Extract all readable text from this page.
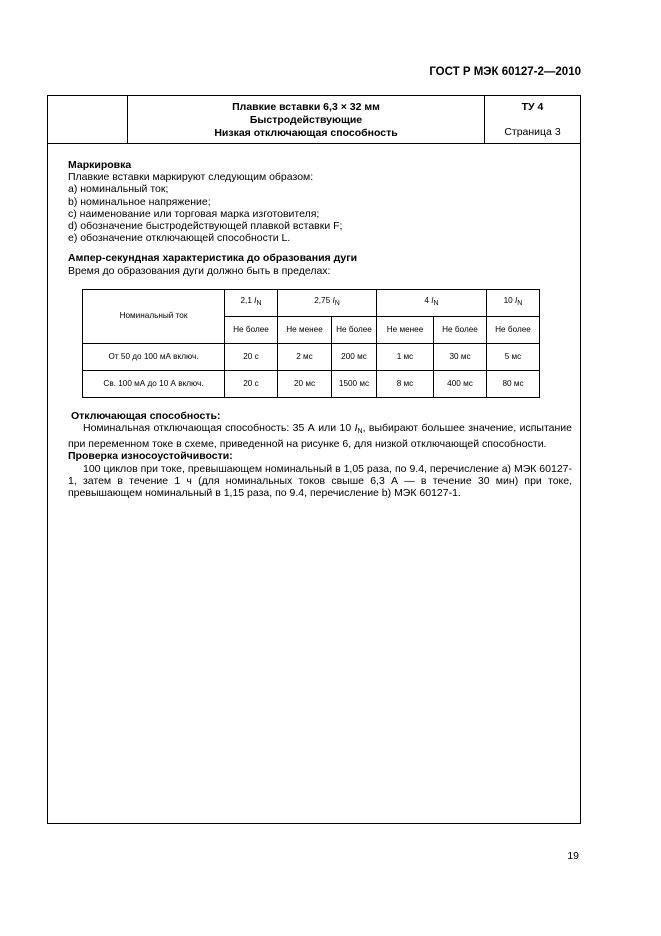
ГОСТ Р МЭК 60127-2—2010
Плавкие вставки 6,3 × 32 мм
Быстродействующие
Низкая отключающая способность
ТУ 4
Страница 3

Маркировка

Плавкие вставки маркируют следующим образом:

a) номинальный ток;

b) номинальное напряжение;

c) наименование или торговая марка изготовителя;

d) обозначение быстродействующей плавкой вставки F;

e) обозначение отключающей способности L.

Ампер-секундная характеристика до образования дуги

Время до образования дуги должно быть в пределах:

Номинальный ток	2,1 $I_N$	2,75 $I_N$		4 $I_N$		10 $I_N$
	Не более	Не менее	Не более	Не менее	Не более	Не более
От 50 до 100 мА включ.	20 с	2 мс	200 мс	1 мс	30 мс	5 мс
Св. 100 мА до 10 А включ.	20 с	20 мс	1500 мс	8 мс	400 мс	80 мс

Отключающая способность:

Номинальная отключающая способность: 35 А или 10 $I_N$, выбирают большее значение, испытание при переменном токе в схеме, приведенной на рисунке 6, для низкой отключающей способности.

Проверка износоустойчивости:

100 циклов при токе, превышающем номинальный в 1,05 раза, по 9.4, перечисление a) МЭК 60127-1, затем в течение 1 ч (для номинальных токов свыше 6,3 А — в течение 30 мин) при токе, превышающем номинальный в 1,15 раза, по 9.4, перечисление b) МЭК 60127-1.

19
